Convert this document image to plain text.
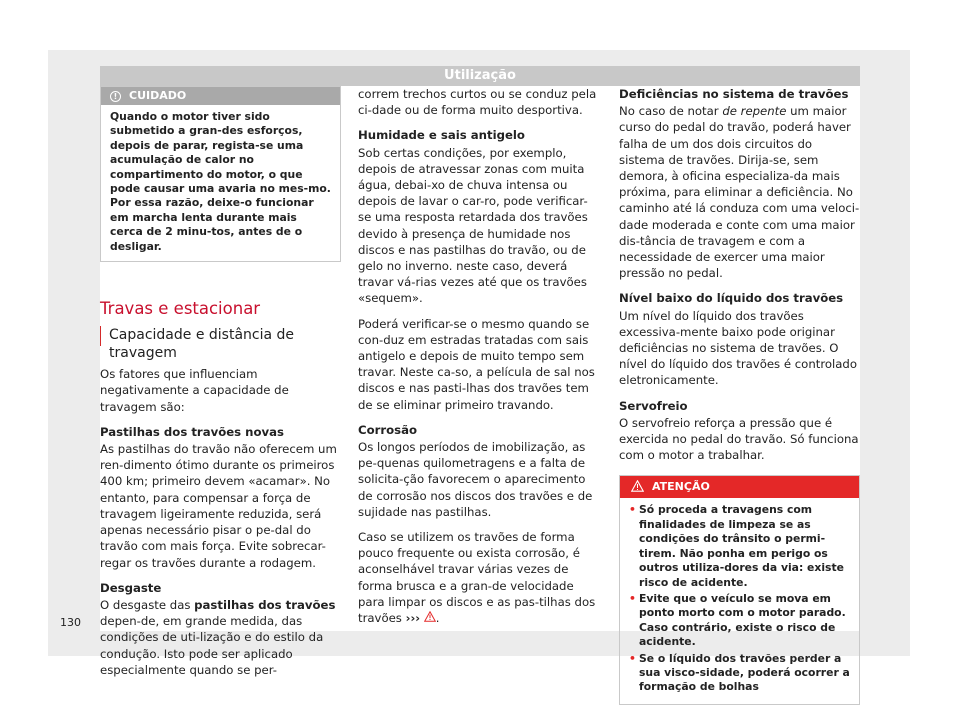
Utilização
!	CUIDADO
Quando o motor tiver sido submetido a gran-des esforços, depois de parar, regista-se uma acumulação de calor no compartimento do motor, o que pode causar uma avaria no mes-mo. Por essa razão, deixe-o funcionar em marcha lenta durante mais cerca de 2 minu-tos, antes de o desligar.
Travas e estacionar
Capacidade e distância de travagem

Os fatores que influenciam negativamente a capacidade de travagem são:

Pastilhas dos travões novas

As pastilhas do travão não oferecem um ren-dimento ótimo durante os primeiros 400 km; primeiro devem «acamar». No entanto, para compensar a força de travagem ligeiramente reduzida, será apenas necessário pisar o pe-dal do travão com mais força. Evite sobrecar-regar os travões durante a rodagem.

Desgaste

O desgaste das pastilhas dos travões depen-de, em grande medida, das condições de uti-lização e do estilo da condução. Isto pode ser aplicado especialmente quando se per-

correm trechos curtos ou se conduz pela ci-dade ou de forma muito desportiva.

Humidade e sais antigelo

Sob certas condições, por exemplo, depois de atravessar zonas com muita água, debai-xo de chuva intensa ou depois de lavar o car-ro, pode verificar-se uma resposta retardada dos travões devido à presença de humidade nos discos e nas pastilhas do travão, ou de gelo no inverno. neste caso, deverá travar vá-rias vezes até que os travões «sequem».

Poderá verificar-se o mesmo quando se con-duz em estradas tratadas com sais antigelo e depois de muito tempo sem travar. Neste ca-so, a película de sal nos discos e nas pasti-lhas dos travões tem de se eliminar primeiro travando.

Corrosão

Os longos períodos de imobilização, as pe-quenas quilometragens e a falta de solicita-ção favorecem o aparecimento de corrosão nos discos dos travões e de sujidade nas pastilhas.

Caso se utilizem os travões de forma pouco frequente ou exista corrosão, é aconselhável travar várias vezes de forma brusca e a gran-de velocidade para limpar os discos e as pas-tilhas dos travões ››› .

Deficiências no sistema de travões

No caso de notar de repente um maior curso do pedal do travão, poderá haver falha de um dos dois circuitos do sistema de travões. Dirija-se, sem demora, à oficina especializa-da mais próxima, para eliminar a deficiência. No caminho até lá conduza com uma veloci-dade moderada e conte com uma maior dis-tância de travagem e com a necessidade de exercer uma maior pressão no pedal.

Nível baixo do líquido dos travões

Um nível do líquido dos travões excessiva-mente baixo pode originar deficiências no sistema de travões. O nível do líquido dos travões é controlado eletronicamente.

Servofreio

O servofreio reforça a pressão que é exercida no pedal do travão. Só funciona com o motor a trabalhar.

ATENÇÃO
• Só proceda a travagens com finalidades de limpeza se as condições do trânsito o permi-tirem. Não ponha em perigo os outros utiliza-dores da via: existe risco de acidente.
• Evite que o veículo se mova em ponto morto com o motor parado. Caso contrário, existe o risco de acidente.
• Se o líquido dos travões perder a sua visco-sidade, poderá ocorrer a formação de bolhas
130
